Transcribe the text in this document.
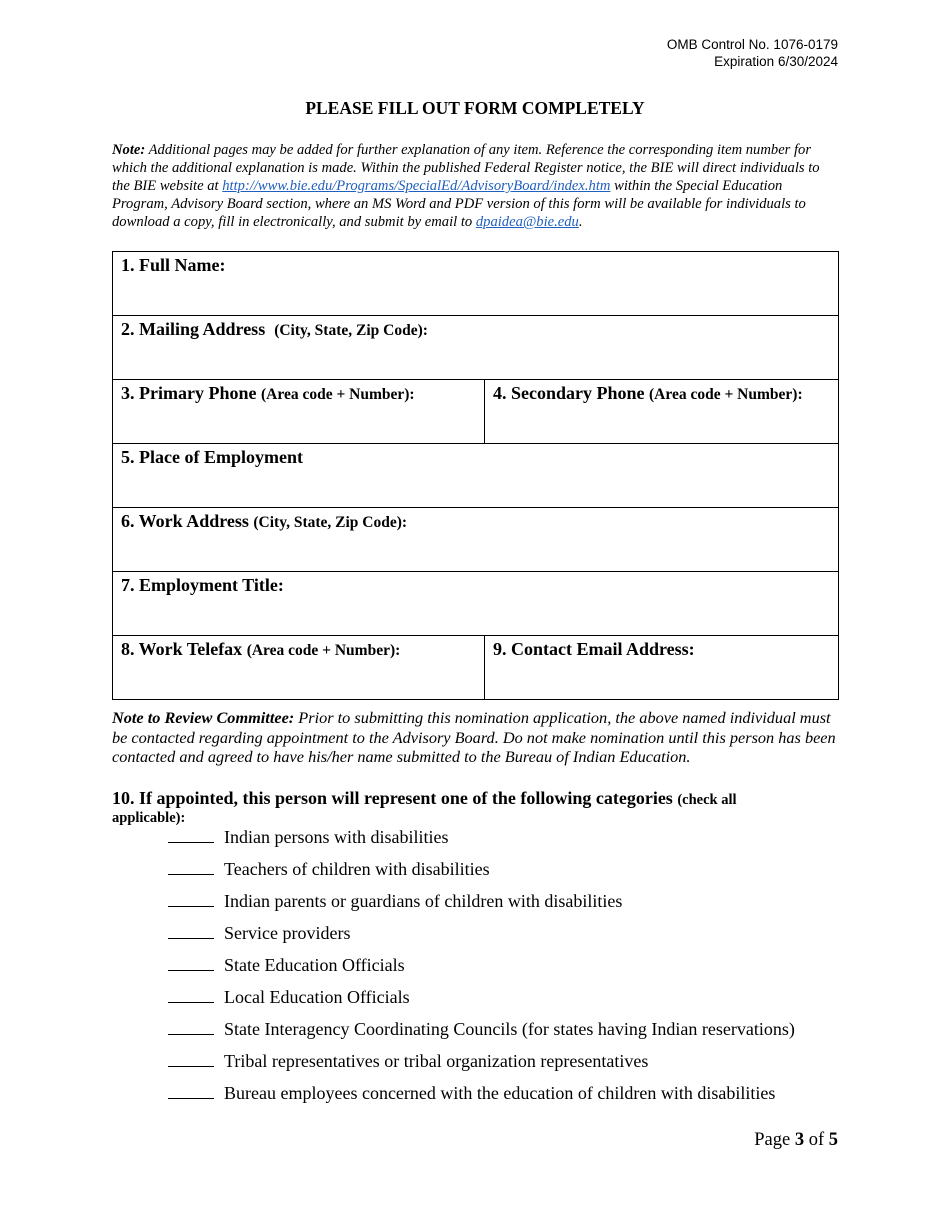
OMB Control No. 1076-0179
Expiration 6/30/2024
PLEASE FILL OUT FORM COMPLETELY
Note: Additional pages may be added for further explanation of any item. Reference the corresponding item number for which the additional explanation is made. Within the published Federal Register notice, the BIE will direct individuals to the BIE website at http://www.bie.edu/Programs/SpecialEd/AdvisoryBoard/index.htm within the Special Education Program, Advisory Board section, where an MS Word and PDF version of this form will be available for individuals to download a copy, fill in electronically, and submit by email to dpaidea@bie.edu.
1. Full Name:	
2. Mailing Address (City, State, Zip Code):	
3. Primary Phone (Area code + Number):	4. Secondary Phone (Area code + Number):
5. Place of Employment	
6. Work Address (City, State, Zip Code):	
7. Employment Title:	
8. Work Telefax (Area code + Number):	9. Contact Email Address:
Note to Review Committee: Prior to submitting this nomination application, the above named individual must be contacted regarding appointment to the Advisory Board. Do not make nomination until this person has been contacted and agreed to have his/her name submitted to the Bureau of Indian Education.
10. If appointed, this person will represent one of the following categories (check all
applicable):
Indian persons with disabilities
Teachers of children with disabilities
Indian parents or guardians of children with disabilities
Service providers
State Education Officials
Local Education Officials
State Interagency Coordinating Councils (for states having Indian reservations)
Tribal representatives or tribal organization representatives
Bureau employees concerned with the education of children with disabilities
Page 3 of 5
